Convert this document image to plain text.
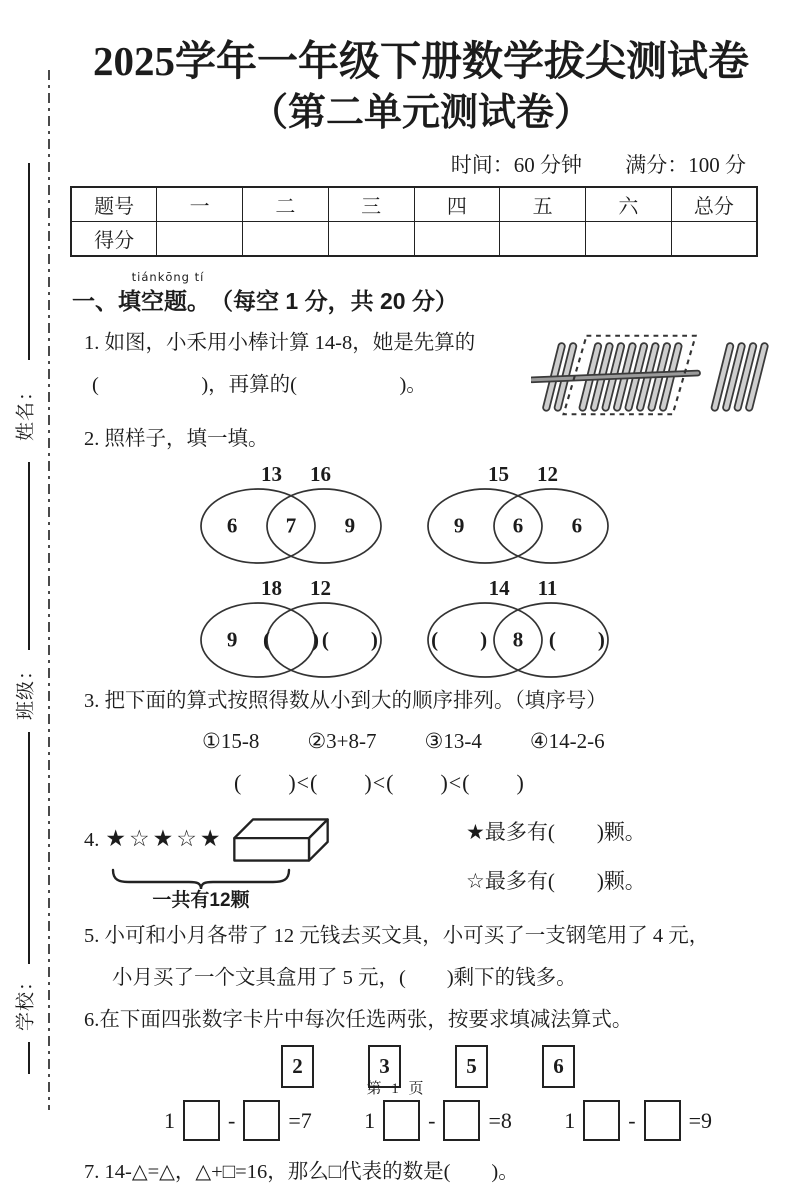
姓名：
班级：
学校：
2025学年一年级下册数学拔尖测试卷
（第二单元测试卷）
时间：60 分钟 满分：100 分
题号	一	二	三	四	五	六	总分
得分							
一、
tiánkōng tí
填空题。（每空 1 分，共 20 分）
1. 如图，小禾用小棒计算 14-8，她是先算的
(　　　　　)，再算的(　　　　　)。
2. 照样子，填一填。
13 16
6 7 9
15 12
9 6 6
18 12
9 (　　) (　　)
14 11
(　　) 8 (　　)
3. 把下面的算式按照得数从小到大的顺序排列。（填序号）
①15-8 ②3+8-7 ③13-4 ④14-2-6
(　　)<(　　)<(　　)<(　　)
4. ★☆★☆★
一共有12颗
★最多有(　　)颗。
☆最多有(　　)颗。
5. 小可和小月各带了 12 元钱去买文具，小可买了一支钢笔用了 4 元，
小月买了一个文具盒用了 5 元，(　　)剩下的钱多。
6.在下面四张数字卡片中每次任选两张，按要求填减法算式。
2	3	5	6
1 - =7 1 - =8 1 - =9
7. 14-△=△，△+□=16，那么□代表的数是(　　)。
第 1 页
